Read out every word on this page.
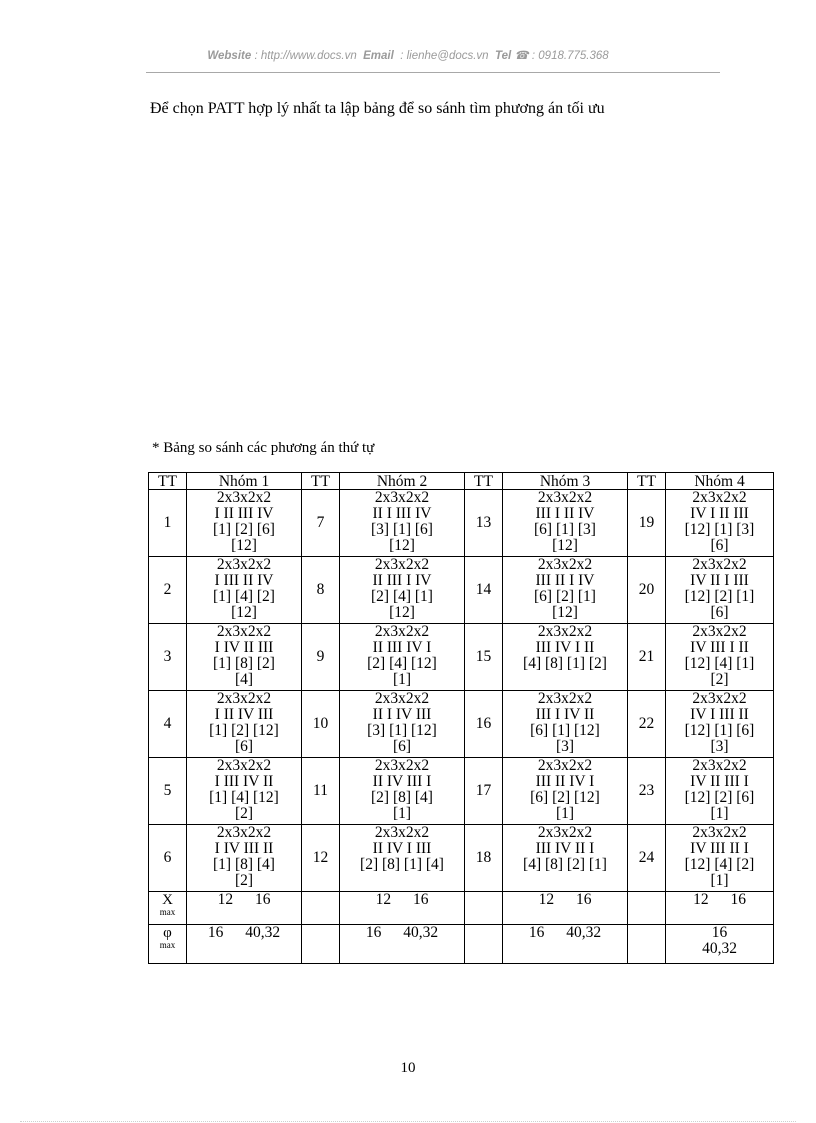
Website : http://www.docs.vn Email : lienhe@docs.vn Tel ☎ : 0918.775.368
Để chọn PATT hợp lý nhất ta lập bảng để so sánh tìm phương án tối ưu
* Bảng so sánh các phương án thứ tự
TT	Nhóm 1	TT	Nhóm 2	TT	Nhóm 3	TT	Nhóm 4
1	2x3x2x2
I II III IV
[1] [2] [6]
[12]	7	2x3x2x2
II I III IV
[3] [1] [6]
[12]	13	2x3x2x2
III I II IV
[6] [1] [3]
[12]	19	2x3x2x2
IV I II III
[12] [1] [3]
[6]

2	2x3x2x2
I III II IV
[1] [4] [2]
[12]	8	2x3x2x2
II III I IV
[2] [4] [1]
[12]	14	2x3x2x2
III II I IV
[6] [2] [1]
[12]	20	2x3x2x2
IV II I III
[12] [2] [1]
[6]

3	2x3x2x2
I IV II III
[1] [8] [2]
[4]	9	2x3x2x2
II III IV I
[2] [4] [12]
[1]	15	2x3x2x2
III IV I II
[4] [8] [1] [2]	21	2x3x2x2
IV III I II
[12] [4] [1]
[2]

4	2x3x2x2
I II IV III
[1] [2] [12]
[6]	10	2x3x2x2
II I IV III
[3] [1] [12]
[6]	16	2x3x2x2
III I IV II
[6] [1] [12]
[3]	22	2x3x2x2
IV I III II
[12] [1] [6]
[3]

5	2x3x2x2
I III IV II
[1] [4] [12]
[2]	11	2x3x2x2
II IV III I
[2] [8] [4]
[1]	17	2x3x2x2
III II IV I
[6] [2] [12]
[1]	23	2x3x2x2
IV II III I
[12] [2] [6]
[1]

6	2x3x2x2
I IV III II
[1] [8] [4]
[2]	12	2x3x2x2
II IV I III
[2] [8] [1] [4]	18	2x3x2x2
III IV II I
[4] [8] [2] [1]	24	2x3x2x2
IV III II I
[12] [4] [2]
[1]

X
max	12 16		12 16		12 16		12 16
φ
max	16 40,32		16 40,32		16 40,32		16
40,32
10
